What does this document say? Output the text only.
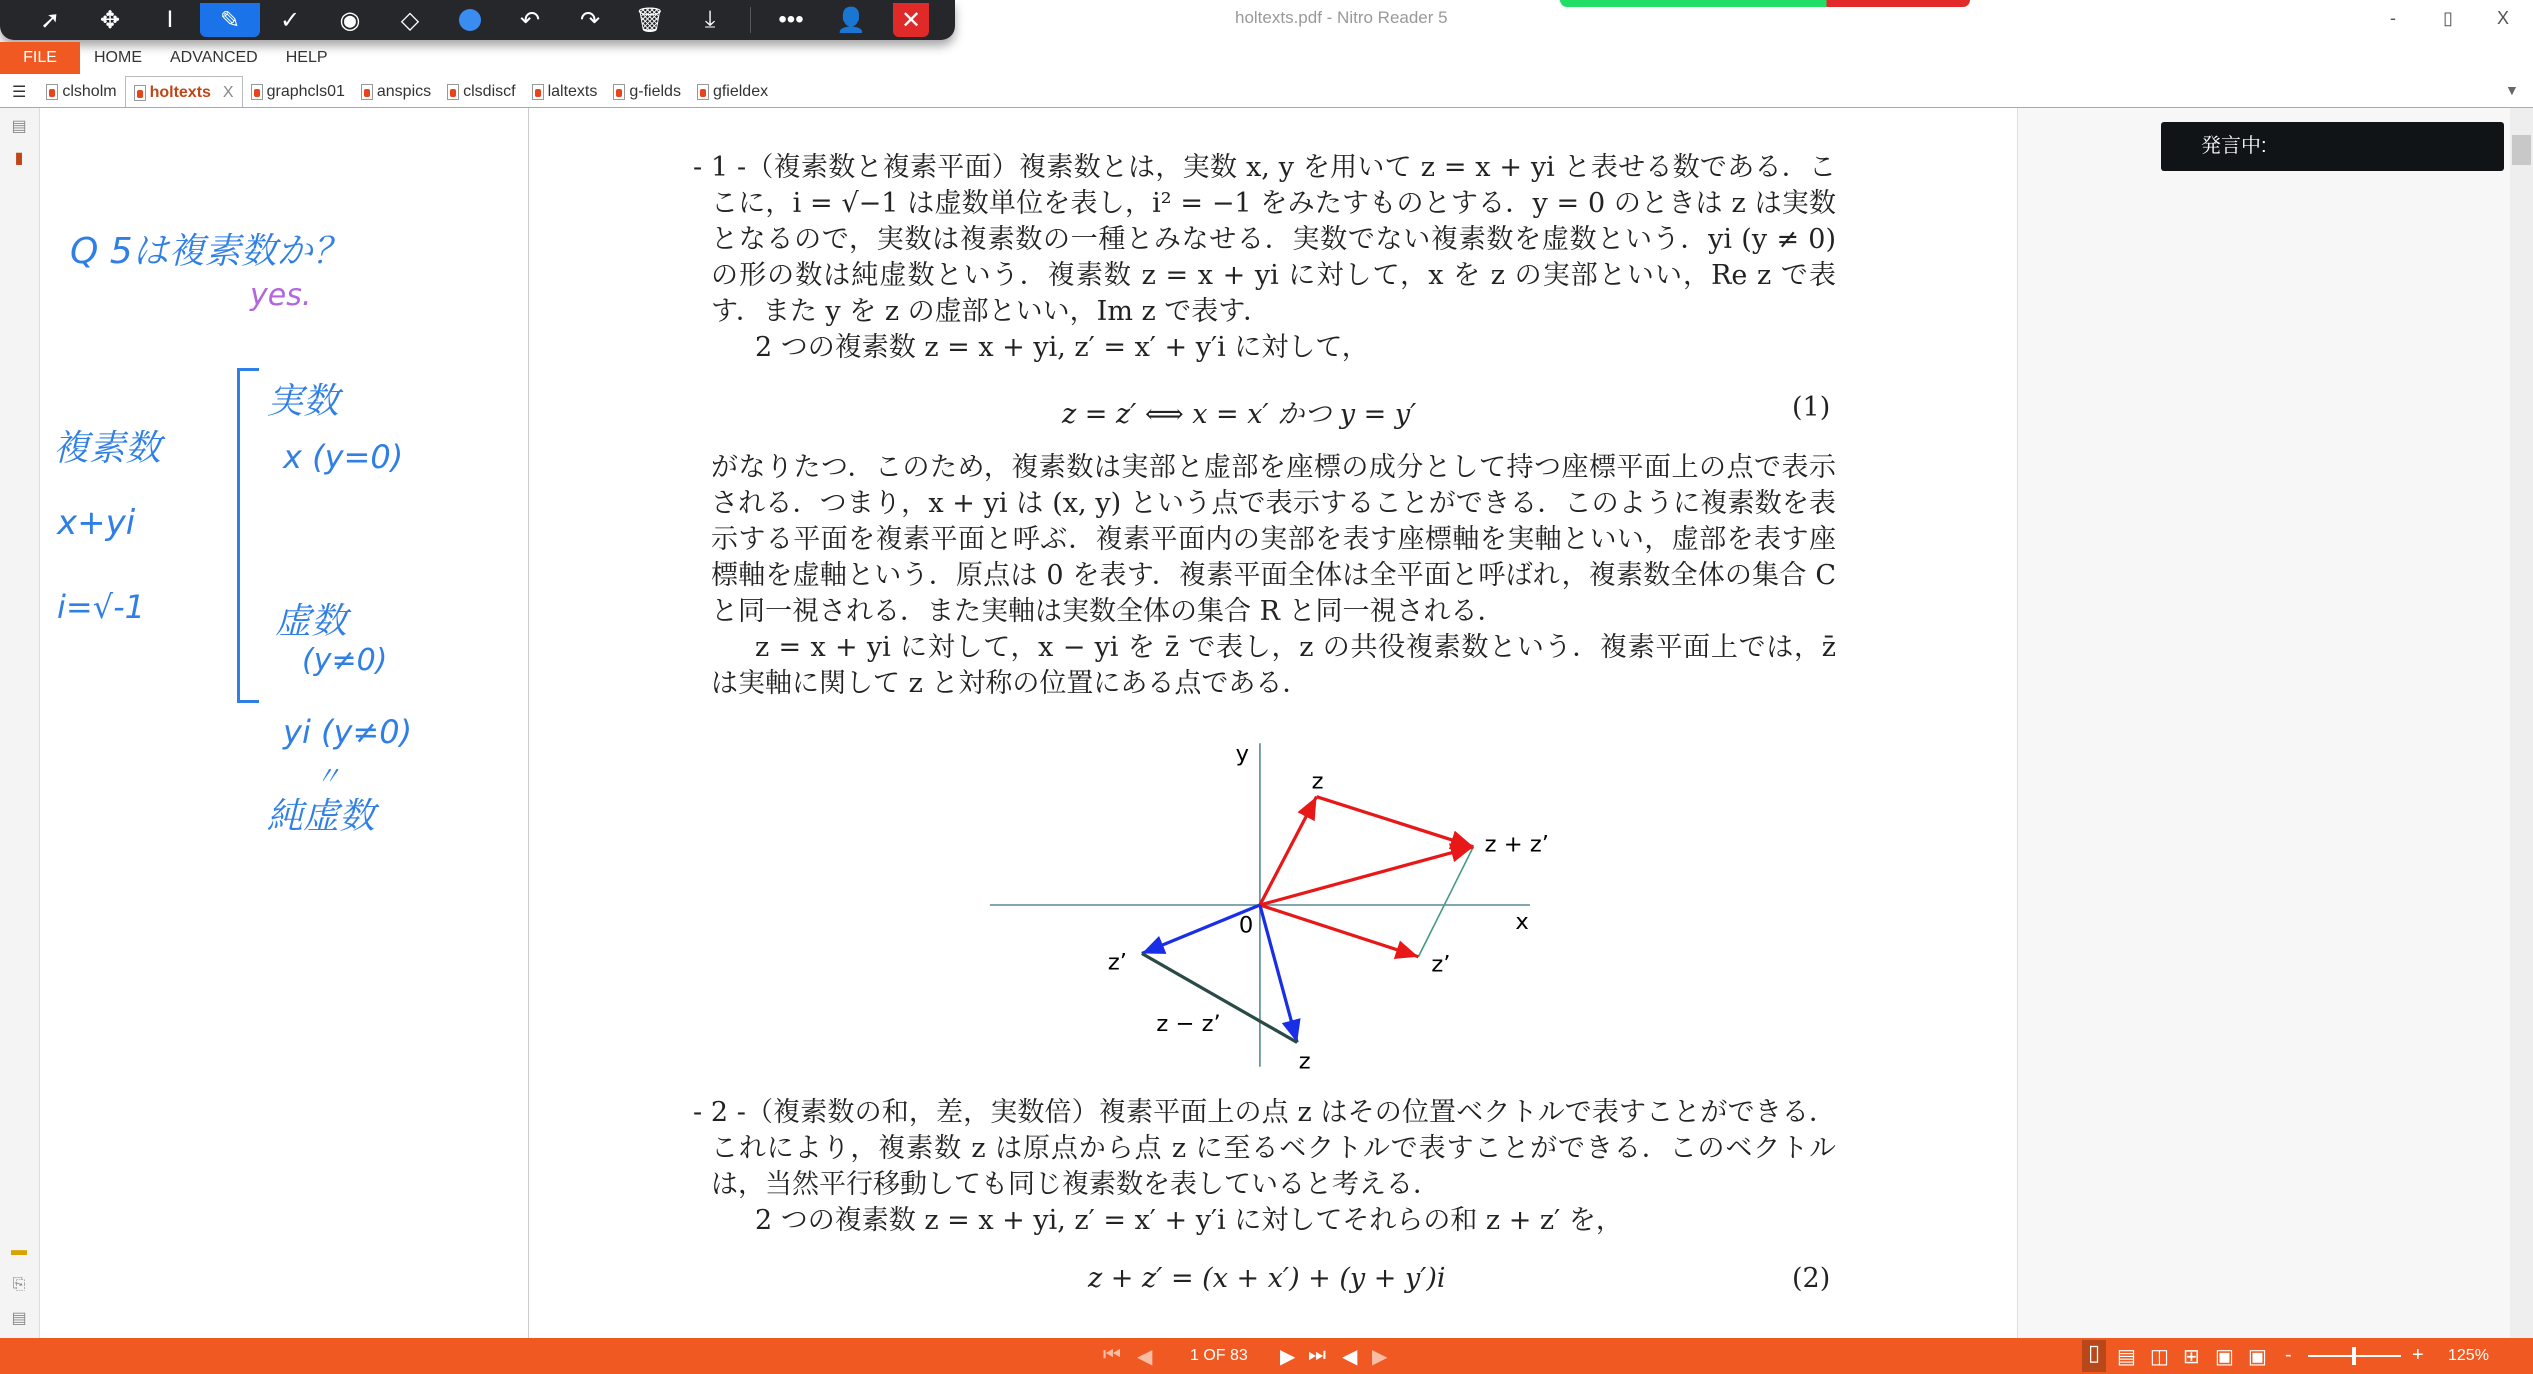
➚	✥	I	✎	✓	◉	◇	↶	↷	🗑	⤓	•••	👤	✕	holtexts.pdf - Nitro Reader 5	-	▯ X
FILE	HOME	ADVANCED	HELP
▼
☰	clsholm holtexts X graphcls01 anspics clsdiscf laltexts g-fields gfieldex
▤
▮
▬
⎘
▤
Q 5は複素数か？
yes.
複素数
x+yi
i=√-1
実数
x (y=0)
虚数
(y≠0)
yi (y≠0)
〃
純虚数
- 1 -（複素数と複素平面）複素数とは，実数 x, y を用いて z = x + yi と表せる数である．ここに，i = √−1 は虚数単位を表し，i² = −1 をみたすものとする．y = 0 のときは z は実数となるので，実数は複素数の一種とみなせる．実数でない複素数を虚数という．yi (y ≠ 0) の形の数は純虚数という．複素数 z = x + yi に対して，x を z の実部といい，Re z で表す．また y を z の虚部といい，Im z で表す．
2 つの複素数 z = x + yi, z′ = x′ + y′i に対して，
z = z′ ⟺ x = x′ かつ y = y′	(1)
がなりたつ．このため，複素数は実部と虚部を座標の成分として持つ座標平面上の点で表示される．つまり，x + yi は (x, y) という点で表示することができる．このように複素数を表示する平面を複素平面と呼ぶ．複素平面内の実部を表す座標軸を実軸といい，虚部を表す座標軸を虚軸という．原点は 0 を表す．複素平面全体は全平面と呼ばれ，複素数全体の集合 C と同一視される．また実軸は実数全体の集合 R と同一視される．
z = x + yi に対して，x − yi を z̄ で表し，z の共役複素数という．複素平面上では，z̄ は実軸に関して z と対称の位置にある点である．
y
x
0
z
z + z’
z’	z’
z − z’
z
- 2 -（複素数の和，差，実数倍）複素平面上の点 z はその位置ベクトルで表すことができる．これにより，複素数 z は原点から点 z に至るベクトルで表すことができる．このベクトルは，当然平行移動しても同じ複素数を表していると考える．
2 つの複素数 z = x + yi, z′ = x′ + y′i に対してそれらの和 z + z′ を，
z + z′ = (x + x′) + (y + y′)i	(2)
発言中:
⏮ ◀ 1 OF 83 ▶ ⏭ ◀ ▶	▯ ▤ ◫ ⊞ ▣ ▣ -	+ 125%
